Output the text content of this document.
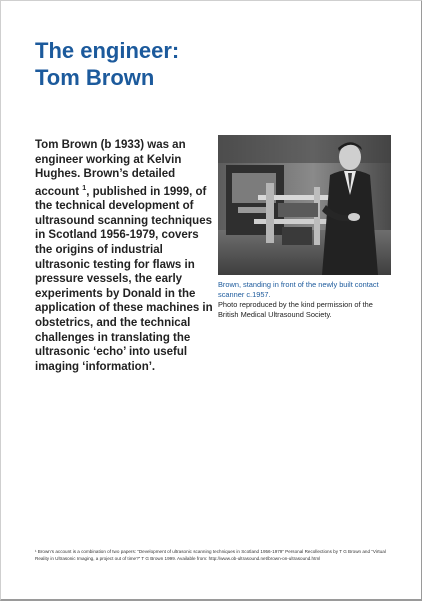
The engineer:
Tom Brown

Tom Brown (b 1933) was an engineer working at Kelvin Hughes. Brown’s detailed account $^1$, published in 1999, of the technical development of ultrasound scanning techniques in Scotland 1956-1979, covers the origins of industrial ultrasonic testing for flaws in pressure vessels, the early experiments by Donald in the application of these machines in obstetrics, and the technical challenges in translating the ultrasonic ‘echo’ into useful imaging ‘information’.

Brown, standing in front of the newly built contact scanner c.1957.

Photo reproduced by the kind permission of the British Medical Ultrasound Society.

¹ Brown’s account is a combination of two papers: “Development of ultrasonic scanning techniques in Scotland 1956-1979” Personal Recollections by T G Brown and “Virtual Reality in Ultrasonic Imaging, a project out of time?” T G Brown 1999. Available from: http://www.ob-ultrasound.net/brown-on-ultrasound.html
